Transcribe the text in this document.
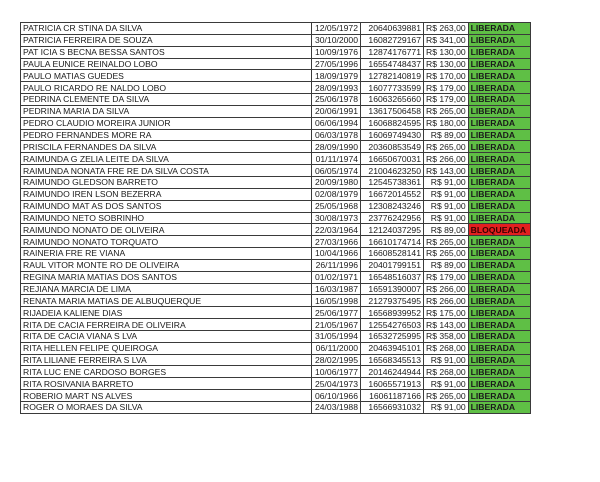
PATRICIA CR STINA DA SILVA	12/05/1972	20640639881	R$ 263,00	LIBERADA
PATRICIA FERREIRA DE SOUZA	30/10/2000	16082729167	R$ 341,00	LIBERADA
PAT ICIA S BECNA BESSA SANTOS	10/09/1976	12874176771	R$ 130,00	LIBERADA
PAULA EUNICE REINALDO LOBO	27/05/1996	16554748437	R$ 130,00	LIBERADA
PAULO MATIAS GUEDES	18/09/1979	12782140819	R$ 170,00	LIBERADA
PAULO RICARDO RE NALDO LOBO	28/09/1993	16077733599	R$ 179,00	LIBERADA
PEDRINA CLEMENTE DA SILVA	25/06/1978	16063265660	R$ 179,00	LIBERADA
PEDRINA MARIA DA SILVA	20/06/1991	13617506458	R$ 265,00	LIBERADA
PEDRO CLAUDIO MOREIRA JUNIOR	06/06/1994	16068824595	R$ 180,00	LIBERADA
PEDRO FERNANDES MORE RA	06/03/1978	16069749430	R$ 89,00	LIBERADA
PRISCILA FERNANDES DA SILVA	28/09/1990	20360853549	R$ 265,00	LIBERADA
RAIMUNDA G ZELIA LEITE DA SILVA	01/11/1974	16650670031	R$ 266,00	LIBERADA
RAIMUNDA NONATA FRE RE DA SILVA COSTA	06/05/1974	21004623250	R$ 143,00	LIBERADA
RAIMUNDO GLEDSON BARRETO	20/09/1980	12545738361	R$ 91,00	LIBERADA
RAIMUNDO IREN LSON BEZERRA	02/08/1979	16672014552	R$ 91,00	LIBERADA
RAIMUNDO MAT AS DOS SANTOS	25/05/1968	12308243246	R$ 91,00	LIBERADA
RAIMUNDO NETO SOBRINHO	30/08/1973	23776242956	R$ 91,00	LIBERADA
RAIMUNDO NONATO DE OLIVEIRA	22/03/1964	12124037295	R$ 89,00	BLOQUEADA
RAIMUNDO NONATO TORQUATO	27/03/1966	16610174714	R$ 265,00	LIBERADA
RAINERIA FRE RE VIANA	10/04/1966	16608528141	R$ 265,00	LIBERADA
RAUL VITOR MONTE RO DE OLIVEIRA	26/11/1996	20401799151	R$ 89,00	LIBERADA
REGINA MARIA MATIAS DOS SANTOS	01/02/1971	16548516037	R$ 179,00	LIBERADA
REJIANA MARCIA DE LIMA	16/03/1987	16591390007	R$ 266,00	LIBERADA
RENATA MARIA MATIAS DE ALBUQUERQUE	16/05/1998	21279375495	R$ 266,00	LIBERADA
RIJADEIA KALIENE DIAS	25/06/1977	16568939952	R$ 175,00	LIBERADA
RITA DE CACIA FERREIRA DE OLIVEIRA	21/05/1967	12554276503	R$ 143,00	LIBERADA
RITA DE CACIA VIANA S LVA	31/05/1994	16532725995	R$ 358,00	LIBERADA
RITA HELLEN FELIPE QUEIROGA	06/11/2000	20463945101	R$ 268,00	LIBERADA
RITA LILIANE FERREIRA S LVA	28/02/1995	16568345513	R$ 91,00	LIBERADA
RITA LUC ENE CARDOSO BORGES	10/06/1977	20146244944	R$ 268,00	LIBERADA
RITA ROSIVANIA BARRETO	25/04/1973	16065571913	R$ 91,00	LIBERADA
ROBERIO MART NS ALVES	06/10/1966	16061187166	R$ 265,00	LIBERADA
ROGER O MORAES DA SILVA	24/03/1988	16566931032	R$ 91,00	LIBERADA
